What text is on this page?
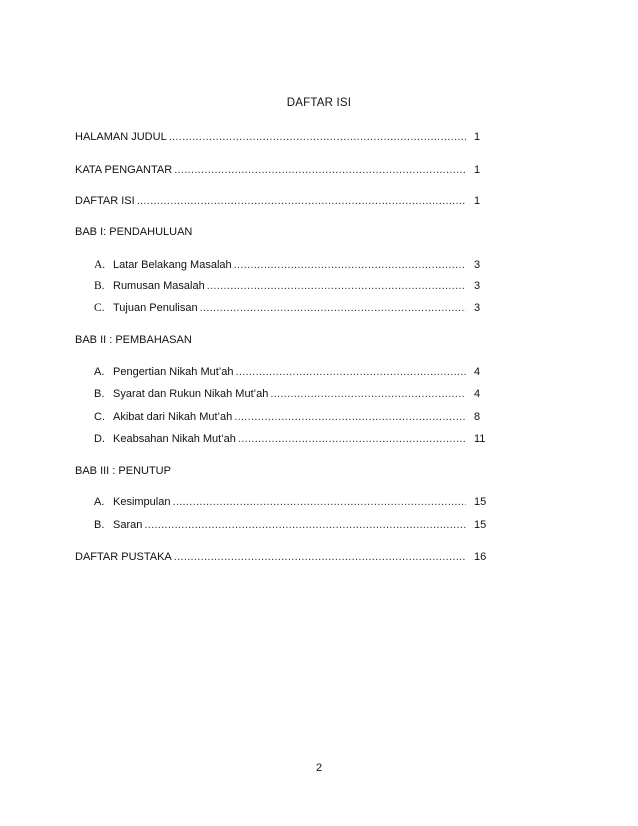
DAFTAR ISI
HALAMAN JUDUL .....	1
KATA PENGANTAR .....	1
DAFTAR ISI .....	1
BAB I: PENDAHULUAN
A. Latar Belakang Masalah .....	3
B. Rumusan Masalah .....	3
C. Tujuan Penulisan .....	3
BAB II : PEMBAHASAN
A. Pengertian Nikah Mut’ah .....	4
B. Syarat dan Rukun Nikah Mut’ah .....	4
C. Akibat dari Nikah Mut’ah .....	8
D. Keabsahan Nikah Mut’ah .....	11
BAB III : PENUTUP
A. Kesimpulan .....	15
B. Saran .....	15
DAFTAR PUSTAKA .....	16
2
